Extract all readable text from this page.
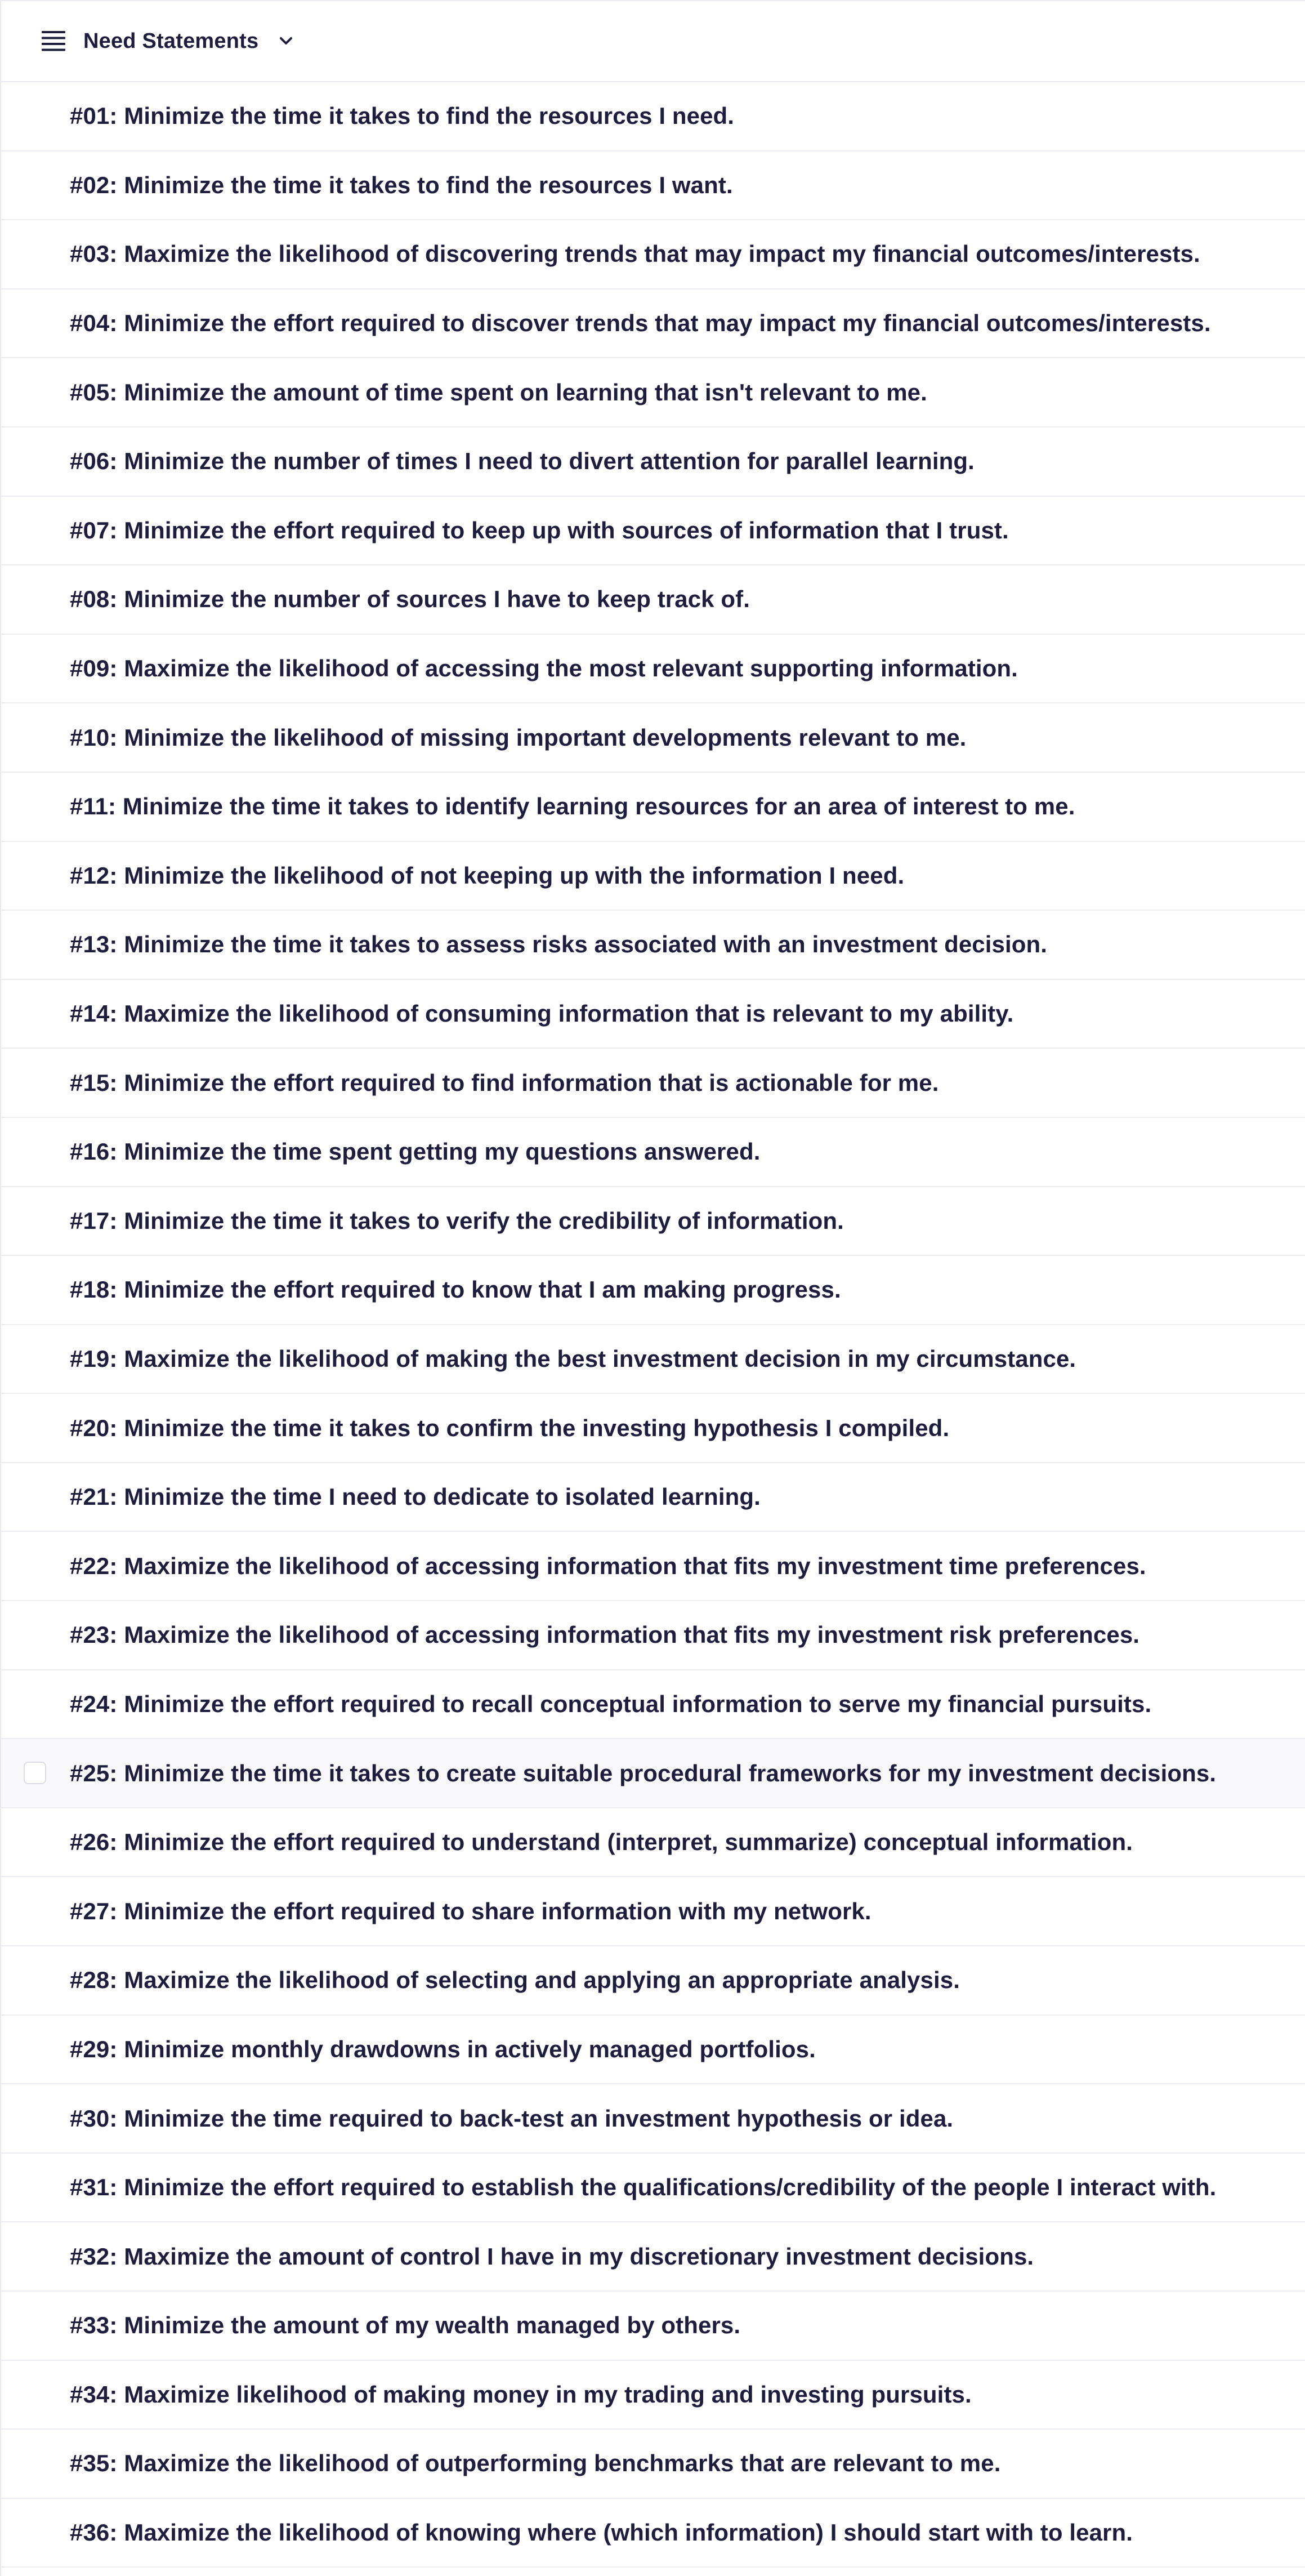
Need Statements
#01: Minimize the time it takes to find the resources I need.
#02: Minimize the time it takes to find the resources I want.
#03: Maximize the likelihood of discovering trends that may impact my financial outcomes/interests.
#04: Minimize the effort required to discover trends that may impact my financial outcomes/interests.
#05: Minimize the amount of time spent on learning that isn't relevant to me.
#06: Minimize the number of times I need to divert attention for parallel learning.
#07: Minimize the effort required to keep up with sources of information that I trust.
#08: Minimize the number of sources I have to keep track of.
#09: Maximize the likelihood of accessing the most relevant supporting information.
#10: Minimize the likelihood of missing important developments relevant to me.
#11: Minimize the time it takes to identify learning resources for an area of interest to me.
#12: Minimize the likelihood of not keeping up with the information I need.
#13: Minimize the time it takes to assess risks associated with an investment decision.
#14: Maximize the likelihood of consuming information that is relevant to my ability.
#15: Minimize the effort required to find information that is actionable for me.
#16: Minimize the time spent getting my questions answered.
#17: Minimize the time it takes to verify the credibility of information.
#18: Minimize the effort required to know that I am making progress.
#19: Maximize the likelihood of making the best investment decision in my circumstance.
#20: Minimize the time it takes to confirm the investing hypothesis I compiled.
#21: Minimize the time I need to dedicate to isolated learning.
#22: Maximize the likelihood of accessing information that fits my investment time preferences.
#23: Maximize the likelihood of accessing information that fits my investment risk preferences.
#24: Minimize the effort required to recall conceptual information to serve my financial pursuits.
#25: Minimize the time it takes to create suitable procedural frameworks for my investment decisions.
#26: Minimize the effort required to understand (interpret, summarize) conceptual information.
#27: Minimize the effort required to share information with my network.
#28: Maximize the likelihood of selecting and applying an appropriate analysis.
#29: Minimize monthly drawdowns in actively managed portfolios.
#30: Minimize the time required to back-test an investment hypothesis or idea.
#31: Minimize the effort required to establish the qualifications/credibility of the people I interact with.
#32: Maximize the amount of control I have in my discretionary investment decisions.
#33: Minimize the amount of my wealth managed by others.
#34: Maximize likelihood of making money in my trading and investing pursuits.
#35: Maximize the likelihood of outperforming benchmarks that are relevant to me.
#36: Maximize the likelihood of knowing where (which information) I should start with to learn.
